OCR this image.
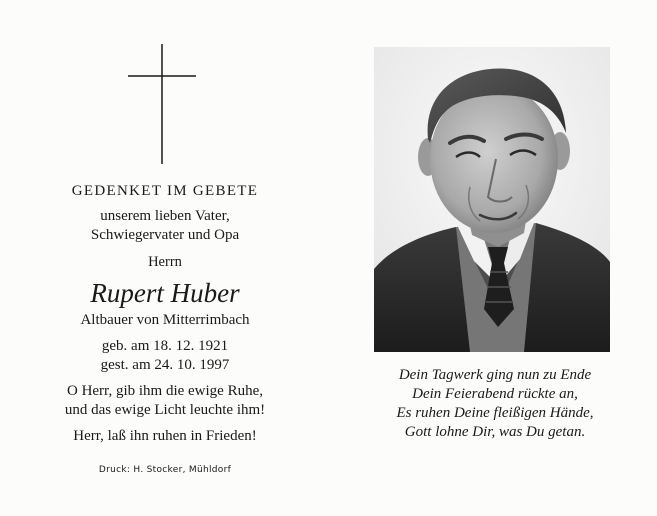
GEDENKET IM GEBETE
unserem lieben Vater,
Schwiegervater und Opa
Herrn
Rupert Huber
Altbauer von Mitterrimbach
geb. am 18. 12. 1921
gest. am 24. 10. 1997
O Herr, gib ihm die ewige Ruhe,
und das ewige Licht leuchte ihm!
Herr, laß ihn ruhen in Frieden!
Druck: H. Stocker, Mühldorf
Dein Tagwerk ging nun zu Ende
Dein Feierabend rückte an,
Es ruhen Deine fleißigen Hände,
Gott lohne Dir, was Du getan.
